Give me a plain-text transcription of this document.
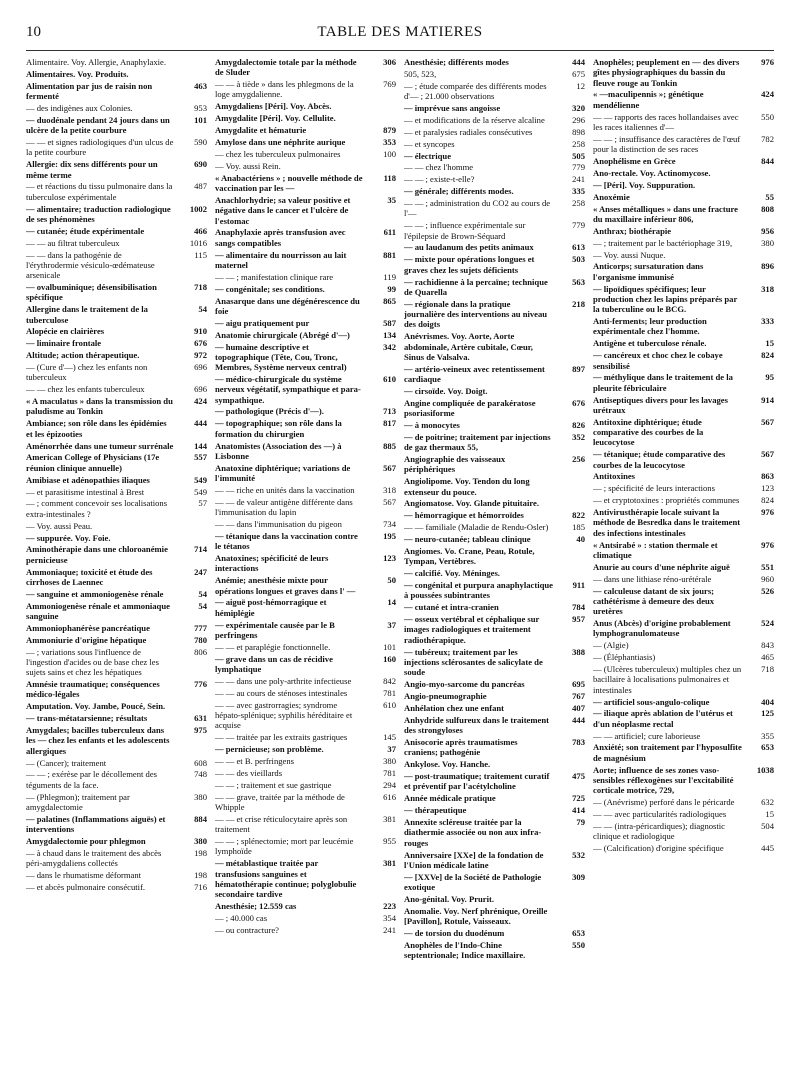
10	TABLE DES MATIERES
Alimentaire. Voy. Allergie, Anaphylaxie.
Alimentaires. Voy. Produits.
Alimentation par jus de raisin non fermenté
463
— des indigènes aux Colonies.	953
— duodénale pendant 24 jours dans un ulcère de la petite courbure
101
— — et signes radiologiques d'un ulcus de la petite courbure
590
Allergie: dix sens différents pour un même terme
690
— et réactions du tissu pulmonaire dans la tuberculose expérimentale
487
— alimentaire; traduction radiologique de ses phénomènes
1002
— cutanée; étude expérimentale	466
— — au filtrat tuberculeux	1016
— — dans la pathogénie de l'érythrodermie vésiculo-œdémateuse arsenicale
115
— ovalbuminique; désensibilisation spécifique
718
Allergine dans le traitement de la tuberculose
54
Alopécie en clairières	910
— liminaire frontale	676
Altitude; action thérapeutique.	972
— (Cure d'—) chez les enfants non tuberculeux
696
— — chez les enfants tuberculeux	696
« A maculatus » dans la transmission du paludisme au Tonkin
424
Ambiance; son rôle dans les épidémies et les épizooties
444
Aménorrhée dans une tumeur surrénale	144
American College of Physicians (17e réunion clinique annuelle)
557
Amibiase et adénopathies iliaques	549
— et parasitisme intestinal à Brest	549
— ; comment concevoir ses localisations extra-intestinales ?
57
— Voy. aussi Peau.
— suppurée. Voy. Foie.
Aminothérapie dans une chloroanémie pernicieuse
714
Ammoniaque; toxicité et étude des cirrhoses de Laennec
247
— sanguine et ammoniogenèse rénale	54
Ammoniogenèse rénale et ammoniaque sanguine
54
Ammoniophanérèse pancréatique	777
Ammoniurie d'origine hépatique	780
— ; variations sous l'influence de l'ingestion d'acides ou de base chez les sujets sains et chez les hépatiques
806
Amnésie traumatique; conséquences médico-légales
776
Amputation. Voy. Jambe, Poucé, Sein.
— trans-métatarsienne; résultats	631
Amygdales; bacilles tuberculeux dans les — chez les enfants et les adolescents allergiques
975
— (Cancer); traitement	608
— — ; exérèse par le décollement des téguments de la face.
748
— (Phlegmon); traitement par amygdalectomie
380
— palatines (Inflammations aiguës) et interventions
884
Amygdalectomie pour phlegmon	380
— à chaud dans le traitement des abcès péri-amygdaliens collectés
198
— dans le rhumatisme déformant	198
— et abcès pulmonaire consécutif.	716
Amygdalectomie totale par la méthode de Sluder
306
— — à tiède » dans les phlegmons de la loge amygdalienne.
769
Amygdaliens [Péri]. Voy. Abcès.
Amygdalite [Péri]. Voy. Cellulite.
Amygdalite et hématurie	879
Amylose dans une néphrite aurique	353
— chez les tuberculeux pulmonaires	100
— Voy. aussi Rein.
« Anabactériens » ; nouvelle méthode de vaccination par les —
118
Anachlorhydrie; sa valeur positive et négative dans le cancer et l'ulcère de l'estomac
35
Anaphylaxie après transfusion avec sangs compatibles
611
— alimentaire du nourrisson au lait maternel
881
— — ; manifestation clinique rare	119
— congénitale; ses conditions.	99
Anasarque dans une dégénérescence du foie
865
— aigu pratiquement pur	587
Anatomie chirurgicale (Abrégé d'—)	134
— humaine descriptive et topographique (Tête, Cou, Tronc, Membres, Système nerveux central)
342
— médico-chirurgicale du système nerveux végétatif, sympathique et para-sympathique.
610
— pathologique (Précis d'—).	713
— topographique; son rôle dans la formation du chirurgien
817
Anatomistes (Association des —) à Lisbonne
885
Anatoxine diphtérique; variations de l'immunité
567
— — riche en unités dans la vaccination	318
— — de valeur antigène différente dans l'immunisation du lapin
567
— — dans l'immunisation du pigeon	734
— tétanique dans la vaccination contre le tétanos
195
Anatoxines; spécificité de leurs interactions
123
Anémie; anesthésie mixte pour opérations longues et graves dans l' —
50
— aiguë post-hémorragique et hémiplégie
14
— expérimentale causée par le B perfringens
37
— — et paraplégie fonctionnelle.	101
— grave dans un cas de récidive lymphatique
160
— — dans une poly-arthrite infectieuse	842
— — au cours de sténoses intestinales	781
— — avec gastrorragies; syndrome hépato-splénique; syphilis héréditaire et acquise
610
— — traitée par les extraits gastriques	145
— pernicieuse; son problème.	37
— — et B. perfringens	380
— — des vieillards	781
— — ; traitement et sue gastrique	294
— — grave, traitée par la méthode de Whipple
616
— — et crise réticulocytaire après son traitement
381
— — ; splénectomie; mort par leucémie lymphoïde
955
— métablastique traitée par transfusions sanguines et hématothérapie continue; polyglobulie secondaire tardive
381
Anesthésie; 12.559 cas	223
— ; 40.000 cas	354
— ou contracture?	241
Anesthésie; différents modes	444
505, 523,	675
— ; étude comparée des différents modes d'— ; 21.000 observations
12
— imprévue sans angoisse	320
— et modifications de la réserve alcaline	296
— et paralysies radiales consécutives	898
— et syncopes	258
— électrique	505
— — chez l'homme	779
— — ; existe-t-elle?	241
— générale; différents modes.	335
— — ; administration du CO2 au cours de l'—
258
— — ; influence expérimentale sur l'épilepsie de Brown-Séquard
779
— au laudanum des petits animaux	613
— mixte pour opérations longues et graves chez les sujets déficients
503
— rachidienne à la percaïne; technique de Quarella
563
— régionale dans la pratique journalière des interventions au niveau des doigts
218
Anévrismes. Voy. Aorte, Aorte abdominale, Artère cubitale, Cœur, Sinus de Valsalva.
— artério-veineux avec retentissement cardiaque
897
— cirsoïde. Voy. Doigt.
Angine compliquée de parakératose psoriasiforme
676
— à monocytes	826
— de poitrine; traitement par injections de gaz thermaux 55,
352
Angiographie des vaisseaux périphériques
256
Angiolipome. Voy. Tendon du long extenseur du pouce.
Angiomatose. Voy. Glande pituitaire.
— hémorragique et hémorroïdes	822
— — familiale (Maladie de Rendu-Osler)	185
— neuro-cutanée; tableau clinique	40
Angiomes. Vo. Crane, Peau, Rotule, Tympan, Vertèbres.
— calcifié. Voy. Méninges.
— congénital et purpura anaphylactique à poussées subintrantes
911
— cutané et intra-cranien	784
— osseux vertébral et céphalique sur images radiologiques et traitement radiothérapique.
957
— tubéreux; traitement par les injections sclérosantes de salicylate de soude
388
Angio-myo-sarcome du pancréas	695
Angio-pneumographie	767
Anhélation chez une enfant	407
Anhydride sulfureux dans le traitement des strongyloses
444
Anisocorie après traumatismes craniens; pathogénie
783
Ankylose. Voy. Hanche.
— post-traumatique; traitement curatif et préventif par l'acétylcholine
475
Année médicale pratique	725
— thérapeutique	414
Annexite scléreuse traitée par la diathermie associée ou non aux infra-rouges
79
Anniversaire [XXe] de la fondation de l'Union médicale latine
532
— [XXVe] de la Société de Pathologie exotique
309
Ano-génital. Voy. Prurit.
Anomalie. Voy. Nerf phrénique, Oreille [Pavillon], Rotule, Vaisseaux.
— de torsion du duodénum	653
Anophèles de l'Indo-Chine septentrionale; Indice maxillaire.
550
Anophèles; peuplement en — des divers gîtes physiographiques du bassin du fleuve rouge au Tonkin
976
« —maculipennis »; génétique mendélienne
424
— — rapports des races hollandaises avec les races italiennes d'—
550
— — ; insuffisance des caractères de l'œuf pour la distinction de ses races
782
Anophélisme en Grèce	844
Ano-rectale. Voy. Actinomycose.
— [Péri]. Voy. Suppuration.
Anoxémie	55
« Anses métalliques » dans une fracture du maxillaire inférieur 806,
808
Anthrax; biothérapie	956
— ; traitement par le bactériophage 319,	380
— Voy. aussi Nuque.
Anticorps; sursaturation dans l'organisme immunisé
896
— lipoïdiques spécifiques; leur production chez les lapins préparés par la tuberculine ou le BCG.
318
Anti-ferments; leur production expérimentale chez l'homme.
333
Antigène et tuberculose rénale.	15
— cancéreux et choc chez le cobaye sensibilisé
824
— méthylique dans le traitement de la pleurite fébriculaire
95
Antiseptiques divers pour les lavages urétraux
914
Antitoxine diphtérique; étude comparative des courbes de la leucocytose
567
— tétanique; étude comparative des courbes de la leucocytose
567
Antitoxines	863
— ; spécificité de leurs interactions	123
— et cryptotoxines : propriétés communes	824
Antivirusthérapie locale suivant la méthode de Besredka dans le traitement des infections intestinales
976
« Antsirabé » : station thermale et climatique
976
Anurie au cours d'une néphrite aiguë	551
— dans une lithiase réno-urétérale	960
— calculeuse datant de six jours; cathétérisme à demeure des deux uretères
526
Anus (Abcès) d'origine probablement lymphogranulomateuse
524
— (Algie)	843
— (Éléphantiasis)	465
— (Ulcères tuberculeux) multiples chez un bacillaire à localisations pulmonaires et intestinales
718
— artificiel sous-angulo-colique	404
— iliaque après ablation de l'utérus et d'un néoplasme rectal
125
— — artificiel; cure laborieuse	355
Anxiété; son traitement par l'hyposulfite de magnésium
653
Aorte; influence de ses zones vaso-sensibles réflexogènes sur l'excitabilité corticale motrice, 729,
1038
— (Anévrisme) perforé dans le péricarde	632
— — avec particularités radiologiques	15
— — (intra-péricardiques); diagnostic clinique et radiologique
504
— (Calcification) d'origine spécifique	445
